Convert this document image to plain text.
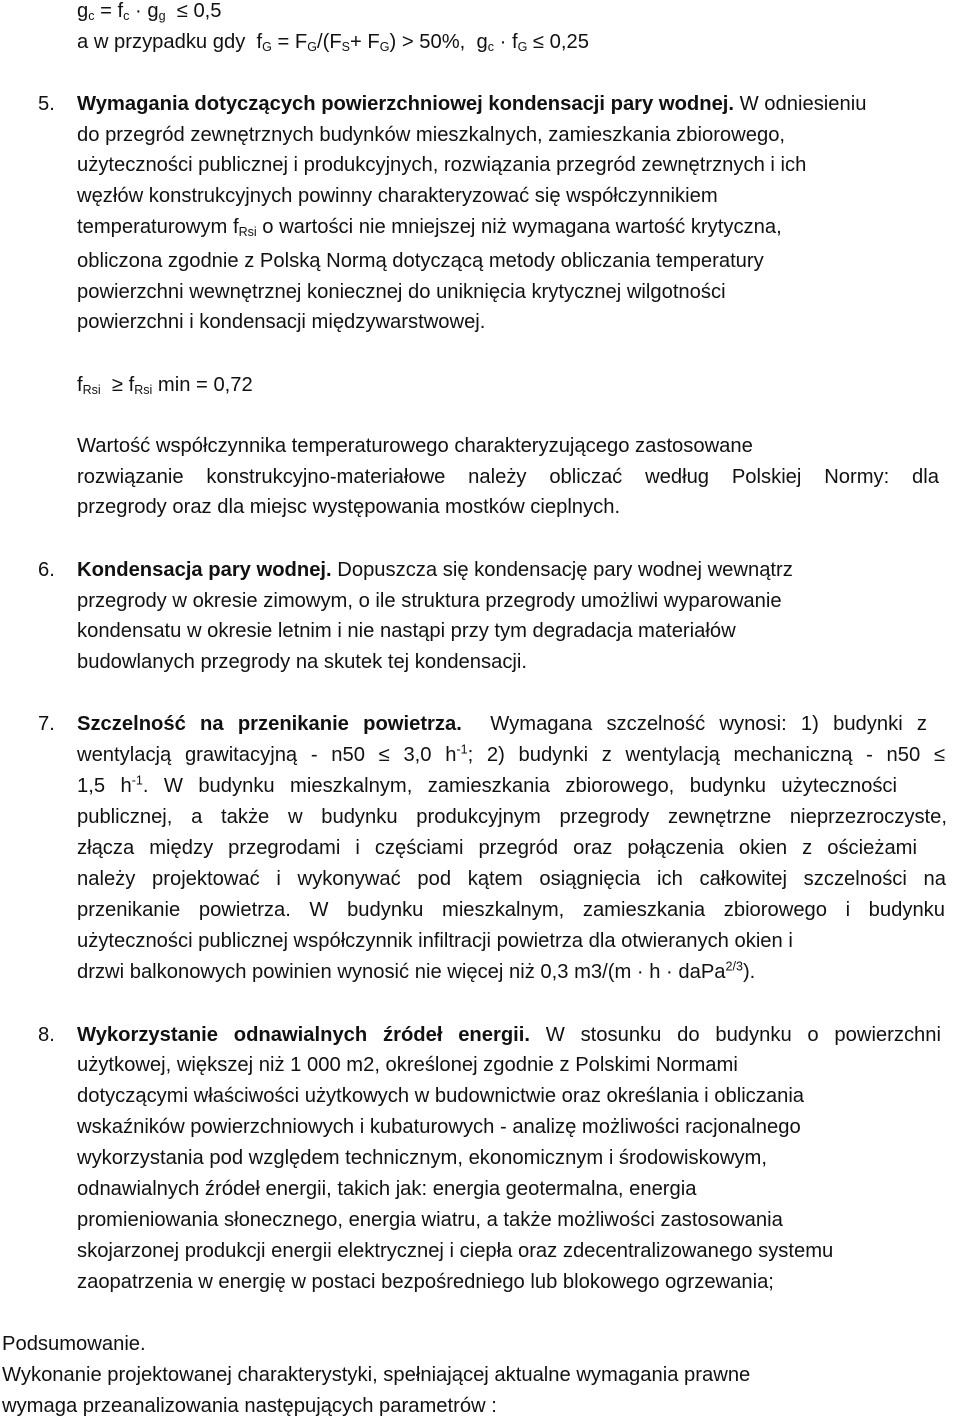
$g_c = f_c \cdot g_g \le 0,5$
a w przypadku gdy  $f_G = F_G/(F_S+ F_G) > 50\%$,  $g_c \cdot f_G \le 0,25$
5. Wymagania dotyczących powierzchniowej kondensacji pary wodnej. W odniesieniu
do przegród zewnętrznych budynków mieszkalnych, zamieszkania zbiorowego,
użyteczności publicznej i produkcyjnych, rozwiązania przegród zewnętrznych i ich
węzłów konstrukcyjnych powinny charakteryzować się współczynnikiem
temperaturowym $f_{Rsi}$ o wartości nie mniejszej niż wymagana wartość krytyczna,
obliczona zgodnie z Polską Normą dotyczącą metody obliczania temperatury
powierzchni wewnętrznej koniecznej do uniknięcia krytycznej wilgotności
powierzchni i kondensacji międzywarstwowej.
$f_{Rsi} \ge f_{Rsi}$ min = 0,72
Wartość współczynnika temperaturowego charakteryzującego zastosowane
rozwiązanie konstrukcyjno-materiałowe należy obliczać według Polskiej Normy: dla
przegrody oraz dla miejsc występowania mostków cieplnych.
6. Kondensacja pary wodnej. Dopuszcza się kondensację pary wodnej wewnątrz
przegrody w okresie zimowym, o ile struktura przegrody umożliwi wyparowanie
kondensatu w okresie letnim i nie nastąpi przy tym degradacja materiałów
budowlanych przegrody na skutek tej kondensacji.
7. Szczelność na przenikanie powietrza. Wymagana szczelność wynosi: 1) budynki z
wentylacją grawitacyjną - n50 ≤ 3,0 $h^{-1}$; 2) budynki z wentylacją mechaniczną - n50 ≤
1,5 $h^{-1}$. W budynku mieszkalnym, zamieszkania zbiorowego, budynku użyteczności
publicznej, a także w budynku produkcyjnym przegrody zewnętrzne nieprzezroczyste,
złącza między przegrodami i częściami przegród oraz połączenia okien z ościeżami
należy projektować i wykonywać pod kątem osiągnięcia ich całkowitej szczelności na
przenikanie powietrza. W budynku mieszkalnym, zamieszkania zbiorowego i budynku
użyteczności publicznej współczynnik infiltracji powietrza dla otwieranych okien i
drzwi balkonowych powinien wynosić nie więcej niż 0,3 m3/(m · h · daPa$^{2/3}$).
8. Wykorzystanie odnawialnych źródeł energii. W stosunku do budynku o powierzchni
użytkowej, większej niż 1 000 m2, określonej zgodnie z Polskimi Normami
dotyczącymi właściwości użytkowych w budownictwie oraz określania i obliczania
wskaźników powierzchniowych i kubaturowych - analizę możliwości racjonalnego
wykorzystania pod względem technicznym, ekonomicznym i środowiskowym,
odnawialnych źródeł energii, takich jak: energia geotermalna, energia
promieniowania słonecznego, energia wiatru, a także możliwości zastosowania
skojarzonej produkcji energii elektrycznej i ciepła oraz zdecentralizowanego systemu
zaopatrzenia w energię w postaci bezpośredniego lub blokowego ogrzewania;
Podsumowanie.
Wykonanie projektowanej charakterystyki, spełniającej aktualne wymagania prawne
wymaga przeanalizowania następujących parametrów :
